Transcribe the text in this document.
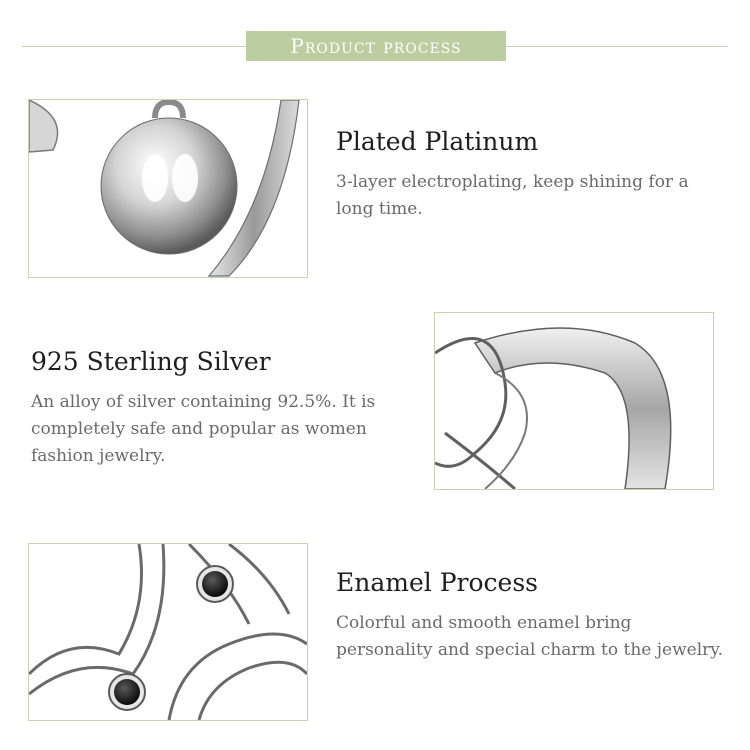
Product process

Plated Platinum

3-layer electroplating, keep shining for a long time.

925 Sterling Silver

An alloy of silver containing 92.5%. It is completely safe and popular as women fashion jewelry.

Enamel Process

Colorful and smooth enamel bring personality and special charm to the jewelry.
